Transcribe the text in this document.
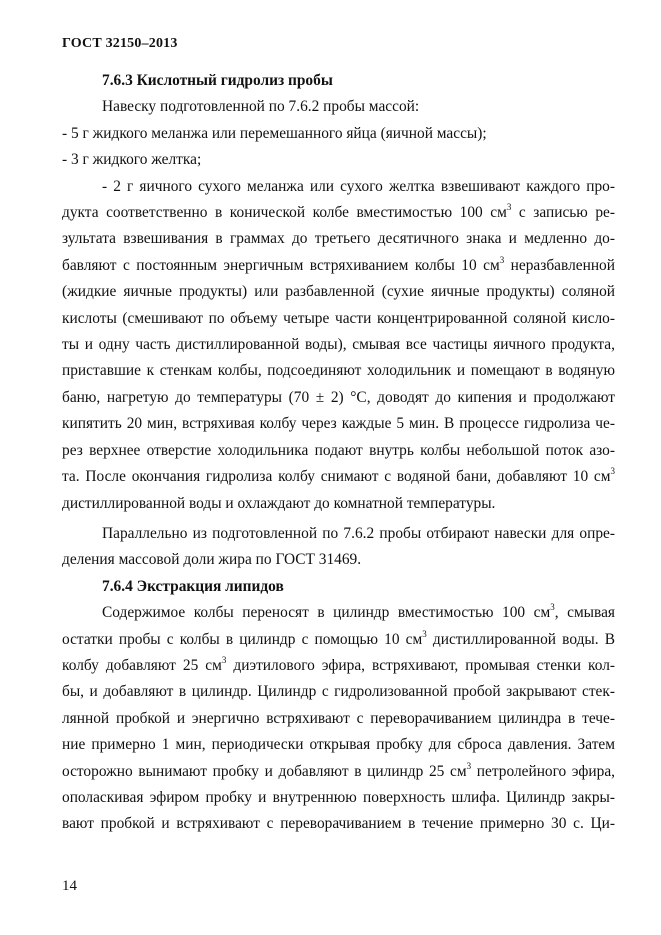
ГОСТ 32150–2013

7.6.3 Кислотный гидролиз пробы

Навеску подготовленной по 7.6.2 пробы массой:
- 5 г жидкого меланжа или перемешанного яйца (яичной массы);
- 3 г жидкого желтка;
- 2 г яичного сухого меланжа или сухого желтка взвешивают каждого про-
дукта соответственно в конической колбе вместимостью 100 $см^3$ с записью ре-
зультата взвешивания в граммах до третьего десятичного знака и медленно до-
бавляют с постоянным энергичным встряхиванием колбы 10 $см^3$ неразбавленной
(жидкие яичные продукты) или разбавленной (сухие яичные продукты) соляной
кислоты (смешивают по объему четыре части концентрированной соляной кисло-
ты и одну часть дистиллированной воды), смывая все частицы яичного продукта,
приставшие к стенкам колбы, подсоединяют холодильник и помещают в водяную
баню, нагретую до температуры (70 ± 2) °С, доводят до кипения и продолжают
кипятить 20 мин, встряхивая колбу через каждые 5 мин. В процессе гидролиза че-
рез верхнее отверстие холодильника подают внутрь колбы небольшой поток азо-
та. После окончания гидролиза колбу снимают с водяной бани, добавляют 10 $см^3$
дистиллированной воды и охлаждают до комнатной температуры.
Параллельно из подготовленной по 7.6.2 пробы отбирают навески для опре-
деления массовой доли жира по ГОСТ 31469.

7.6.4 Экстракция липидов

Содержимое колбы переносят в цилиндр вместимостью 100 $см^3$, смывая
остатки пробы с колбы в цилиндр с помощью 10 $см^3$ дистиллированной воды. В
колбу добавляют 25 $см^3$ диэтилового эфира, встряхивают, промывая стенки кол-
бы, и добавляют в цилиндр. Цилиндр с гидролизованной пробой закрывают стек-
лянной пробкой и энергично встряхивают с переворачиванием цилиндра в тече-
ние примерно 1 мин, периодически открывая пробку для сброса давления. Затем
осторожно вынимают пробку и добавляют в цилиндр 25 $см^3$ петролейного эфира,
ополаскивая эфиром пробку и внутреннюю поверхность шлифа. Цилиндр закры-
вают пробкой и встряхивают с переворачиванием в течение примерно 30 с. Ци-
14
